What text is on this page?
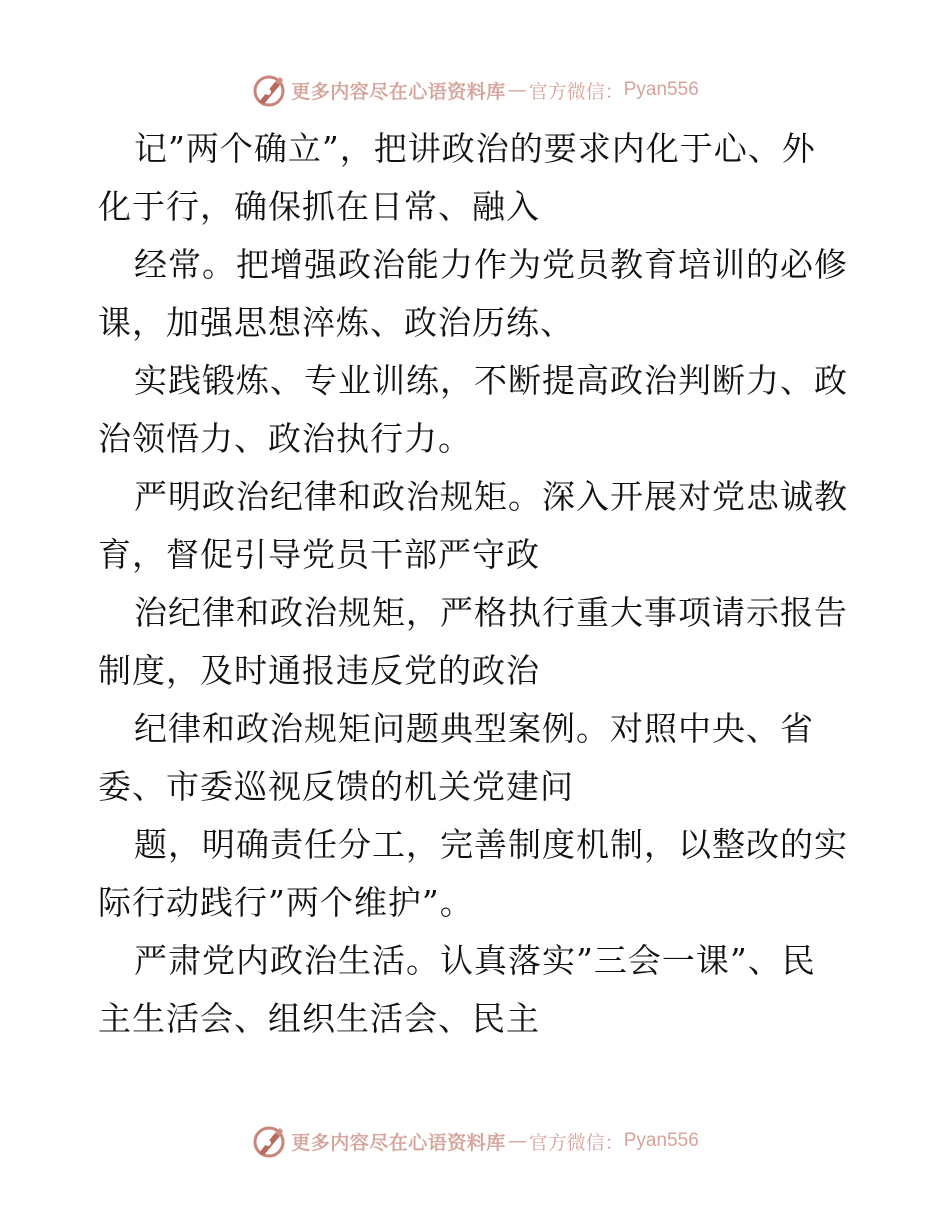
更多内容尽在心语资料库 — 官方微信： Pyan556
记”两个确立”，把讲政治的要求内化于心、外
化于行，确保抓在日常、融入
经常。把增强政治能力作为党员教育培训的必修
课，加强思想淬炼、政治历练、
实践锻炼、专业训练，不断提高政治判断力、政
治领悟力、政治执行力。
严明政治纪律和政治规矩。深入开展对党忠诚教
育，督促引导党员干部严守政
治纪律和政治规矩，严格执行重大事项请示报告
制度，及时通报违反党的政治
纪律和政治规矩问题典型案例。对照中央、省
委、市委巡视反馈的机关党建问
题，明确责任分工，完善制度机制，以整改的实
际行动践行”两个维护”。
严肃党内政治生活。认真落实”三会一课”、民
主生活会、组织生活会、民主
更多内容尽在心语资料库 — 官方微信： Pyan556
